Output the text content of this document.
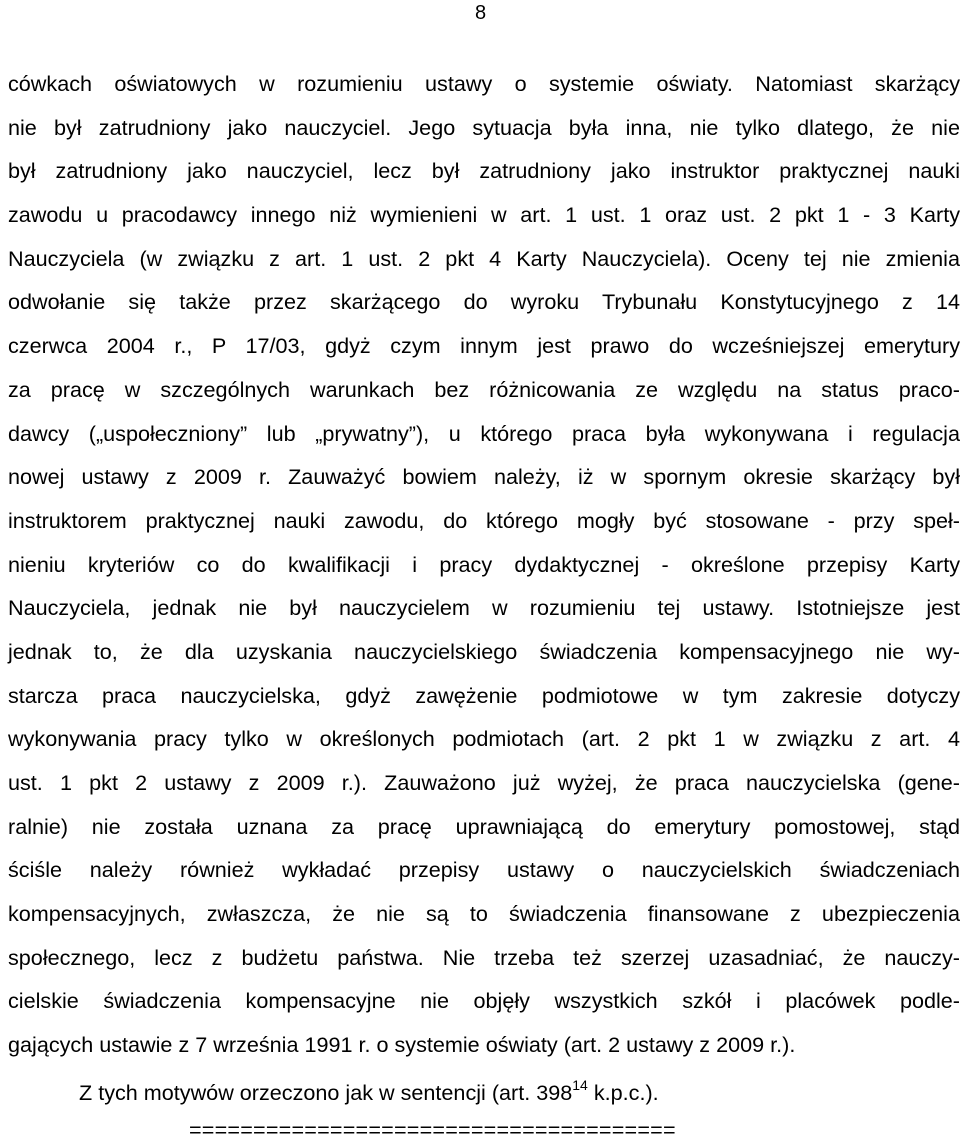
8
cówkach oświatowych w rozumieniu ustawy o systemie oświaty. Natomiast skarżący
nie był zatrudniony jako nauczyciel. Jego sytuacja była inna, nie tylko dlatego, że nie
był zatrudniony jako nauczyciel, lecz był zatrudniony jako instruktor praktycznej nauki
zawodu u pracodawcy innego niż wymienieni w art. 1 ust. 1 oraz ust. 2 pkt 1 - 3 Karty
Nauczyciela (w związku z art. 1 ust. 2 pkt 4 Karty Nauczyciela). Oceny tej nie zmienia
odwołanie się także przez skarżącego do wyroku Trybunału Konstytucyjnego z 14
czerwca 2004 r., P 17/03, gdyż czym innym jest prawo do wcześniejszej emerytury
za pracę w szczególnych warunkach bez różnicowania ze względu na status praco-
dawcy („uspołeczniony” lub „prywatny”), u którego praca była wykonywana i regulacja
nowej ustawy z 2009 r. Zauważyć bowiem należy, iż w spornym okresie skarżący był
instruktorem praktycznej nauki zawodu, do którego mogły być stosowane - przy speł-
nieniu kryteriów co do kwalifikacji i pracy dydaktycznej - określone przepisy Karty
Nauczyciela, jednak nie był nauczycielem w rozumieniu tej ustawy. Istotniejsze jest
jednak to, że dla uzyskania nauczycielskiego świadczenia kompensacyjnego nie wy-
starcza praca nauczycielska, gdyż zawężenie podmiotowe w tym zakresie dotyczy
wykonywania pracy tylko w określonych podmiotach (art. 2 pkt 1 w związku z art. 4
ust. 1 pkt 2 ustawy z 2009 r.). Zauważono już wyżej, że praca nauczycielska (gene-
ralnie) nie została uznana za pracę uprawniającą do emerytury pomostowej, stąd
ściśle należy również wykładać przepisy ustawy o nauczycielskich świadczeniach
kompensacyjnych, zwłaszcza, że nie są to świadczenia finansowane z ubezpieczenia
społecznego, lecz z budżetu państwa. Nie trzeba też szerzej uzasadniać, że nauczy-
cielskie świadczenia kompensacyjne nie objęły wszystkich szkół i placówek podle-
gających ustawie z 7 września 1991 r. o systemie oświaty (art. 2 ustawy z 2009 r.).
Z tych motywów orzeczono jak w sentencji (art. $398^{14}$ k.p.c.).
======================================
